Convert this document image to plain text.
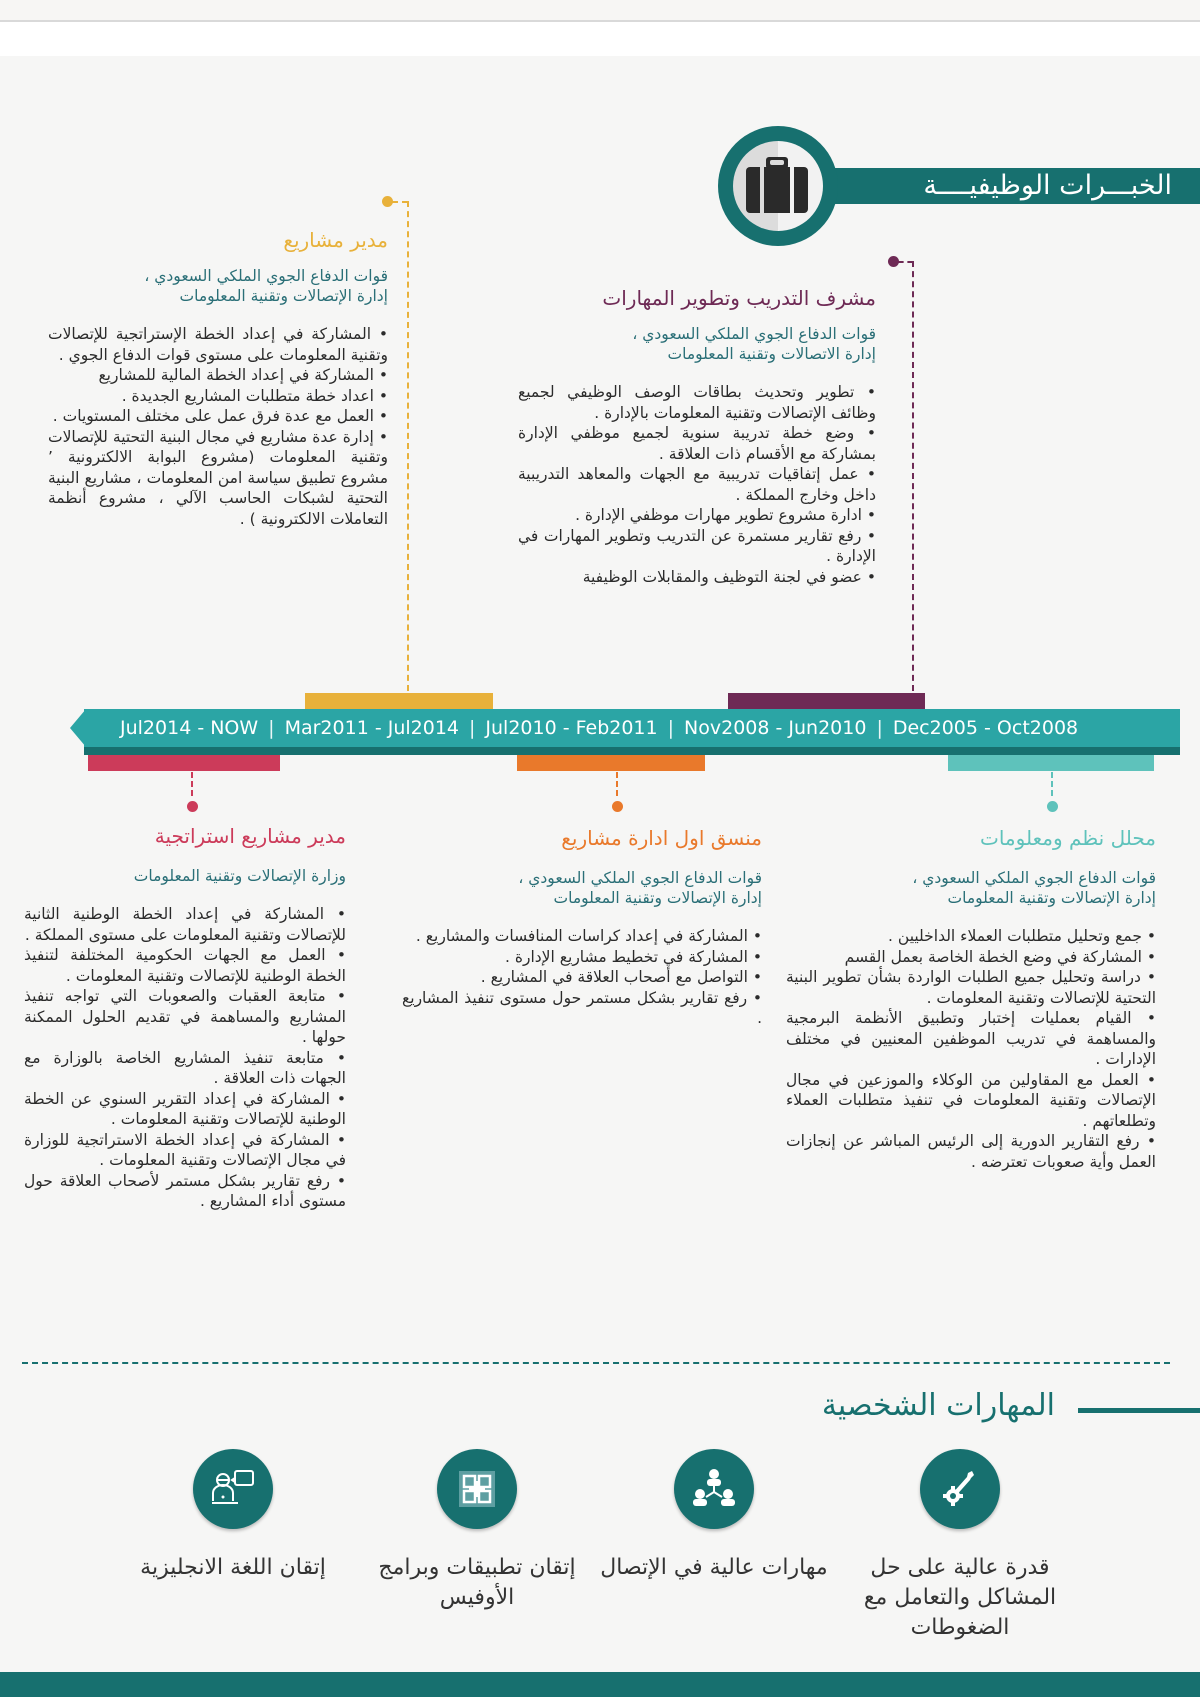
الخبـــرات الوظيفيــــة
مدير مشاريع
قوات الدفاع الجوي الملكي السعودي ،
إدارة الإتصالات وتقنية المعلومات
• المشاركة في إعداد الخطة الإستراتجية للإتصالات وتقنية المعلومات على مستوى قوات الدفاع الجوي .
• المشاركة في إعداد الخطة المالية للمشاريع
• اعداد خطة متطلبات المشاريع الجديدة .
• العمل مع عدة فرق عمل على مختلف المستويات .
• إدارة عدة مشاريع في مجال البنية التحتية للإتصالات وتقنية المعلومات (مشروع البوابة الالكترونية ’ مشروع تطبيق سياسة امن المعلومات ، مشاريع البنية التحتية لشبكات الحاسب الآلي ، مشروع أنظمة التعاملات الالكترونية ) .
مشرف التدريب وتطوير المهارات
قوات الدفاع الجوي الملكي السعودي ،
إدارة الاتصالات وتقنية المعلومات
• تطوير وتحديث بطاقات الوصف الوظيفي لجميع وظائف الإتصالات وتقنية المعلومات بالإدارة .
• وضع خطة تدريبة سنوية لجميع موظفي الإدارة بمشاركة مع الأقسام ذات العلاقة .
• عمل إتفاقيات تدريبية مع الجهات والمعاهد التدريبية داخل وخارج المملكة .
• ادارة مشروع تطوير مهارات موظفي الإدارة .
• رفع تقارير مستمرة عن التدريب وتطوير المهارات في الإدارة .
• عضو في لجنة التوظيف والمقابلات الوظيفية
Jul2014 - NOW | Mar2011 - Jul2014 | Jul2010 - Feb2011 | Nov2008 - Jun2010 | Dec2005 - Oct2008
مدير مشاريع استراتجية
وزارة الإتصالات وتقنية المعلومات
• المشاركة في إعداد الخطة الوطنية الثانية للإتصالات وتقنية المعلومات على مستوى المملكة .
• العمل مع الجهات الحكومية المختلفة لتنفيذ الخطة الوطنية للإتصالات وتقنية المعلومات .
• متابعة العقبات والصعوبات التي تواجه تنفيذ المشاريع والمساهمة في تقديم الحلول الممكنة حولها .
• متابعة تنفيذ المشاريع الخاصة بالوزارة مع الجهات ذات العلاقة .
• المشاركة في إعداد التقرير السنوي عن الخطة الوطنية للإتصالات وتقنية المعلومات .
• المشاركة في إعداد الخطة الاستراتجية للوزارة في مجال الإتصالات وتقنية المعلومات .
• رفع تقارير بشكل مستمر لأصحاب العلاقة حول مستوى أداء المشاريع .
منسق اول ادارة مشاريع
قوات الدفاع الجوي الملكي السعودي ،
إدارة الإتصالات وتقنية المعلومات
• المشاركة في إعداد كراسات المنافسات والمشاريع .
• المشاركة في تخطيط مشاريع الإدارة .
• التواصل مع أصحاب العلاقة في المشاريع .
• رفع تقارير بشكل مستمر حول مستوى تنفيذ المشاريع .
محلل نظم ومعلومات
قوات الدفاع الجوي الملكي السعودي ،
إدارة الإتصالات وتقنية المعلومات
• جمع وتحليل متطلبات العملاء الداخليين .
• المشاركة في وضع الخطة الخاصة بعمل القسم
• دراسة وتحليل جميع الطلبات الواردة بشأن تطوير البنية التحتية للإتصالات وتقنية المعلومات .
• القيام بعمليات إختبار وتطبيق الأنظمة البرمجية والمساهمة في تدريب الموظفين المعنيين في مختلف الإدارات .
• العمل مع المقاولين من الوكلاء والموزعين في مجال الإتصالات وتقنية المعلومات في تنفيذ متطلبات العملاء وتطلعاتهم .
• رفع التقارير الدورية إلى الرئيس المباشر عن إنجازات العمل وأية صعوبات تعترضه .
المهارات الشخصية
قدرة عالية على حل المشاكل والتعامل مع الضغوطات
مهارات عالية في الإتصال
إتقان تطبيقات وبرامج الأوفيس
إتقان اللغة الانجليزية
